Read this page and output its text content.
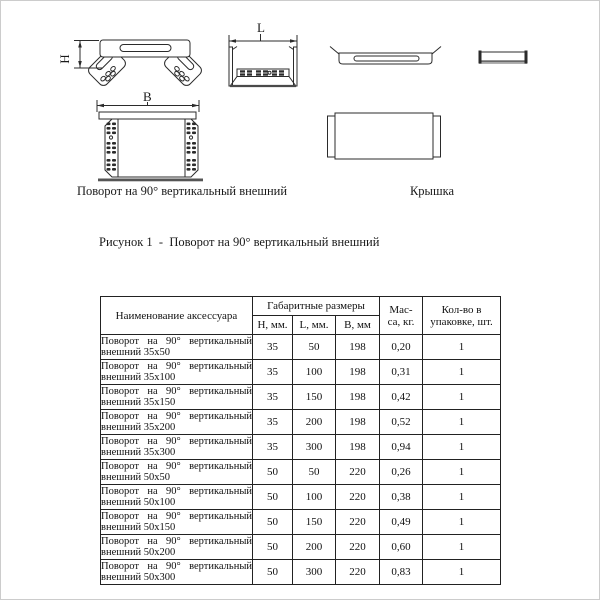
H
L
B
Поворот на 90° вертикальный внешний	Крышка
Рисунок 1  -  Поворот на 90° вертикальный внешний
Наименование аксессуара	Габаритные размеры			Мас-
са, кг.	Кол-во в упаковке, шт.
	Н, мм.	L, мм.	В, мм		

Поворот на 90° вертикальный
внешний 35х50	35	50	198	0,20	1

Поворот на 90° вертикальный
внешний 35х100	35	100	198	0,31	1

Поворот на 90° вертикальный
внешний 35х150	35	150	198	0,42	1

Поворот на 90° вертикальный
внешний 35х200	35	200	198	0,52	1

Поворот на 90° вертикальный
внешний 35х300	35	300	198	0,94	1

Поворот на 90° вертикальный
внешний 50х50	50	50	220	0,26	1

Поворот на 90° вертикальный
внешний 50х100	50	100	220	0,38	1

Поворот на 90° вертикальный
внешний 50х150	50	150	220	0,49	1

Поворот на 90° вертикальный
внешний 50х200	50	200	220	0,60	1

Поворот на 90° вертикальный
внешний 50х300	50	300	220	0,83	1
